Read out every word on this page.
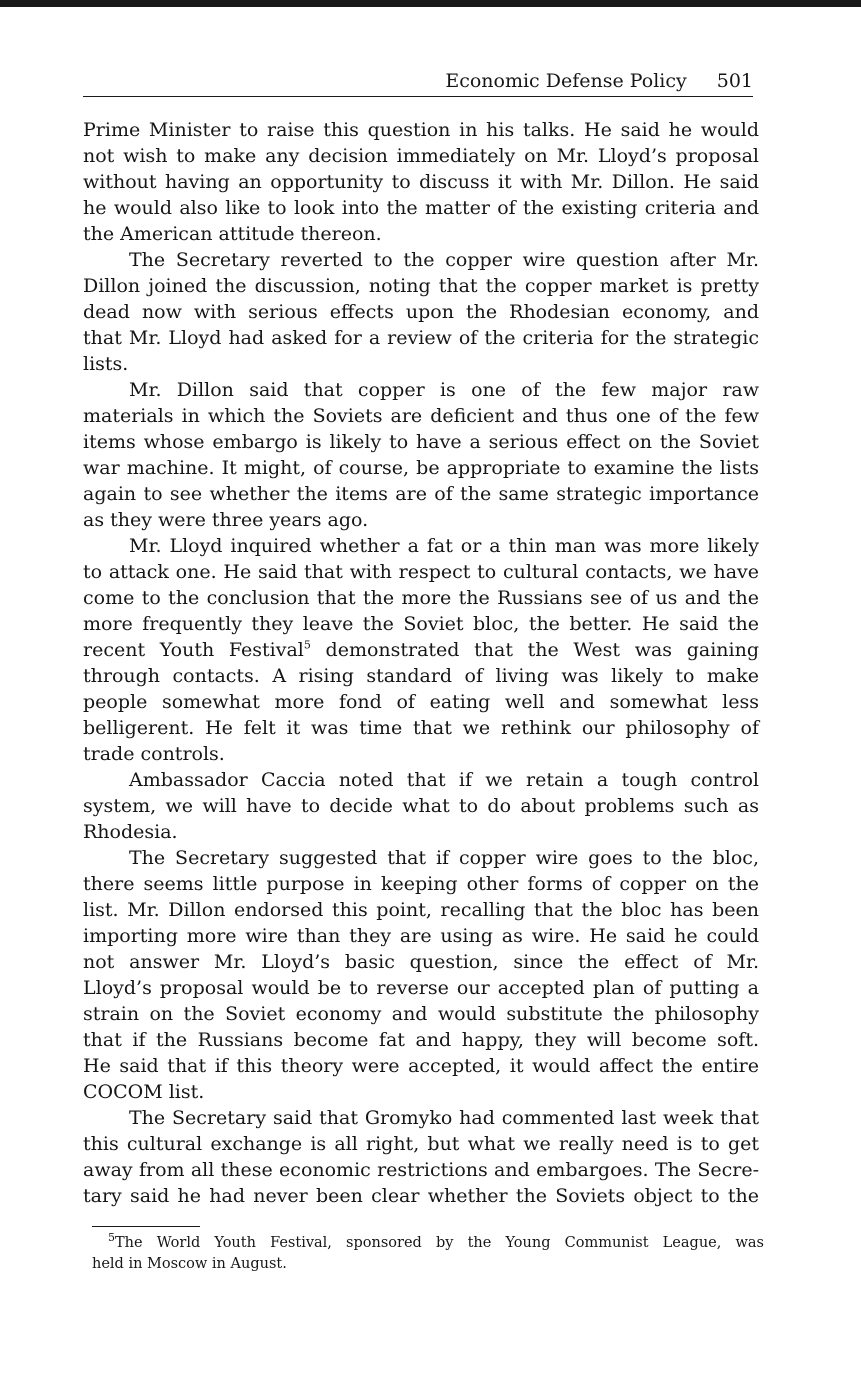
Economic Defense Policy 501
Prime Minister to raise this question in his talks. He said he would
not wish to make any decision immediately on Mr. Lloyd’s proposal
without having an opportunity to discuss it with Mr. Dillon. He said
he would also like to look into the matter of the existing criteria and
the American attitude thereon.
The Secretary reverted to the copper wire question after Mr.
Dillon joined the discussion, noting that the copper market is pretty
dead now with serious effects upon the Rhodesian economy, and
that Mr. Lloyd had asked for a review of the criteria for the strategic
lists.
Mr. Dillon said that copper is one of the few major raw
materials in which the Soviets are deficient and thus one of the few
items whose embargo is likely to have a serious effect on the Soviet
war machine. It might, of course, be appropriate to examine the lists
again to see whether the items are of the same strategic importance
as they were three years ago.
Mr. Lloyd inquired whether a fat or a thin man was more likely
to attack one. He said that with respect to cultural contacts, we have
come to the conclusion that the more the Russians see of us and the
more frequently they leave the Soviet bloc, the better. He said the
recent Youth Festival$^5$ demonstrated that the West was gaining
through contacts. A rising standard of living was likely to make
people somewhat more fond of eating well and somewhat less
belligerent. He felt it was time that we rethink our philosophy of
trade controls.
Ambassador Caccia noted that if we retain a tough control
system, we will have to decide what to do about problems such as
Rhodesia.
The Secretary suggested that if copper wire goes to the bloc,
there seems little purpose in keeping other forms of copper on the
list. Mr. Dillon endorsed this point, recalling that the bloc has been
importing more wire than they are using as wire. He said he could
not answer Mr. Lloyd’s basic question, since the effect of Mr.
Lloyd’s proposal would be to reverse our accepted plan of putting a
strain on the Soviet economy and would substitute the philosophy
that if the Russians become fat and happy, they will become soft.
He said that if this theory were accepted, it would affect the entire
COCOM list.
The Secretary said that Gromyko had commented last week that
this cultural exchange is all right, but what we really need is to get
away from all these economic restrictions and embargoes. The Secre-
tary said he had never been clear whether the Soviets object to the
$^5$The World Youth Festival, sponsored by the Young Communist League, was
held in Moscow in August.
